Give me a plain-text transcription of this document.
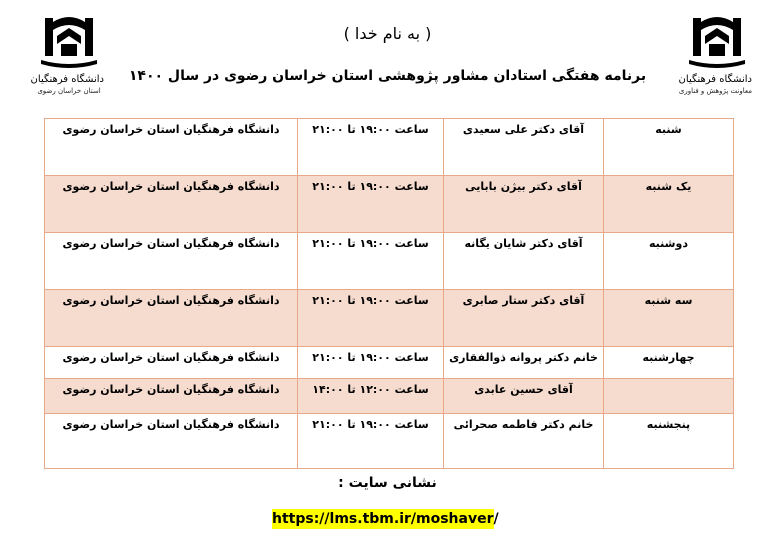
دانشگاه فرهنگیان
استان خراسان رضوی
دانشگاه فرهنگیان
معاونت پژوهش و فناوری
( به نام خدا )
برنامه هفتگی استادان مشاور پژوهشی استان خراسان رضوی در سال ۱۴۰۰
شنبه	آقای دکتر علی سعیدی	ساعت ۱۹:۰۰ تا ۲۱:۰۰	دانشگاه فرهنگیان استان خراسان رضوی
یک شنبه	آقای دکتر بیژن بابایی	ساعت ۱۹:۰۰ تا ۲۱:۰۰	دانشگاه فرهنگیان استان خراسان رضوی
دوشنبه	آقای دکتر شایان یگانه	ساعت ۱۹:۰۰ تا ۲۱:۰۰	دانشگاه فرهنگیان استان خراسان رضوی
سه شنبه	آقای دکتر ستار صابری	ساعت ۱۹:۰۰ تا ۲۱:۰۰	دانشگاه فرهنگیان استان خراسان رضوی
چهارشنبه	خانم دکتر پروانه ذوالفقاری	ساعت ۱۹:۰۰ تا ۲۱:۰۰	دانشگاه فرهنگیان استان خراسان رضوی
	آقای حسین عابدی	ساعت ۱۲:۰۰ تا ۱۴:۰۰	دانشگاه فرهنگیان استان خراسان رضوی
پنجشنبه	خانم دکتر فاطمه صحرائی	ساعت ۱۹:۰۰ تا ۲۱:۰۰	دانشگاه فرهنگیان استان خراسان رضوی
نشانی سایت :
https://lms.tbm.ir/moshaver/
